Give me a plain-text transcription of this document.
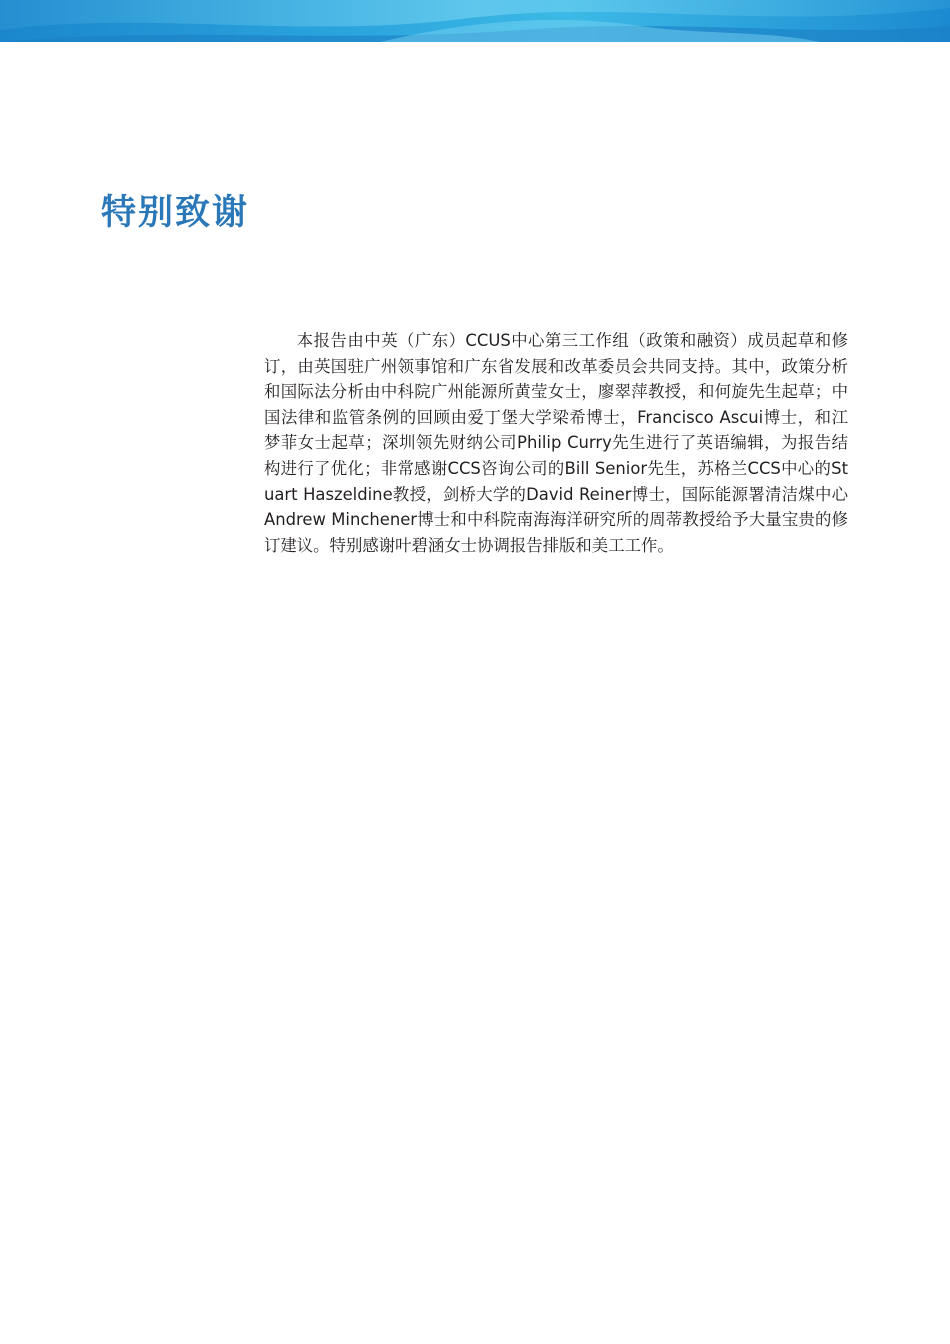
特别致谢

本报告由中英（广东）CCUS中心第三工作组（政策和融资）成员起草和修订，由英国驻广州领事馆和广东省发展和改革委员会共同支持。其中，政策分析和国际法分析由中科院广州能源所黄莹女士，廖翠萍教授，和何旋先生起草；中国法律和监管条例的回顾由爱丁堡大学梁希博士，Francisco Ascui博士，和江梦菲女士起草；深圳领先财纳公司Philip Curry先生进行了英语编辑，为报告结构进行了优化；非常感谢CCS咨询公司的Bill Senior先生，苏格兰CCS中心的Stuart Haszeldine教授，剑桥大学的David Reiner博士，国际能源署清洁煤中心Andrew Minchener博士和中科院南海海洋研究所的周蒂教授给予大量宝贵的修订建议。特别感谢叶碧涵女士协调报告排版和美工工作。
